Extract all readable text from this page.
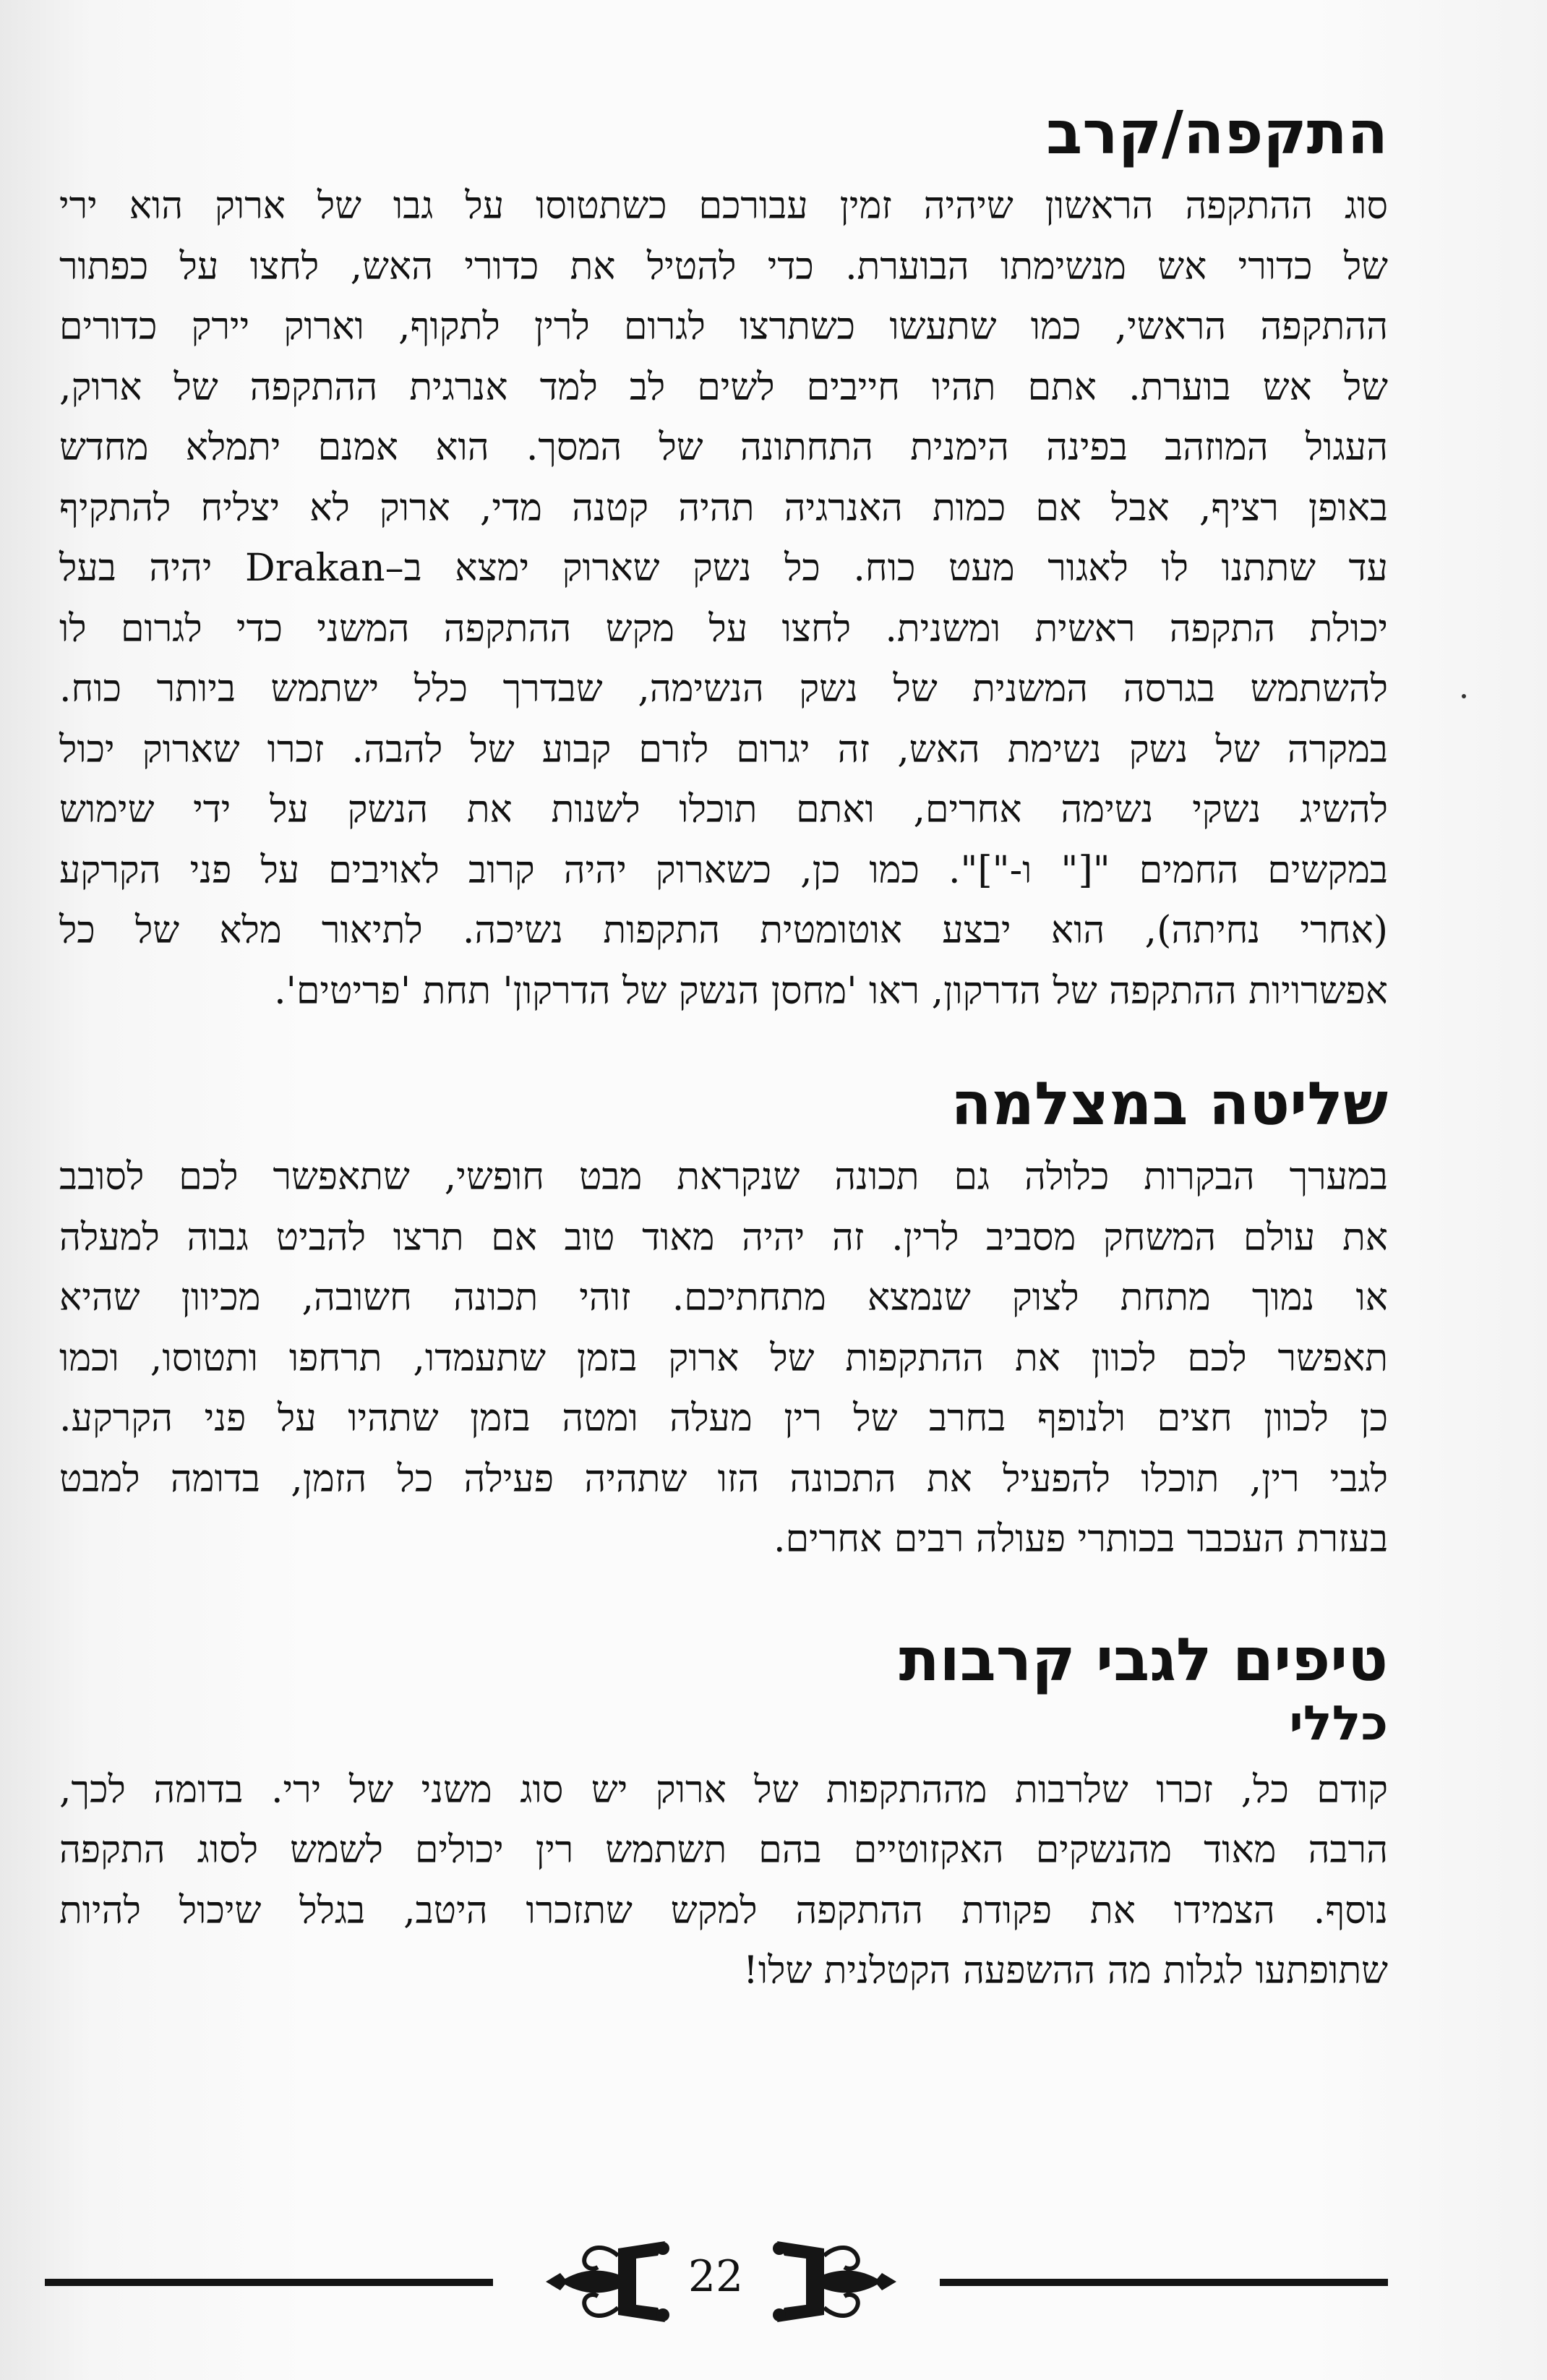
התקפה/קרב
סוג ההתקפה הראשון שיהיה זמין עבורכם כשתטוסו על גבו של ארוק הוא ירי
של כדורי אש מנשימתו הבוערת. כדי להטיל את כדורי האש, לחצו על כפתור
ההתקפה הראשי, כמו שתעשו כשתרצו לגרום לרין לתקוף, וארוק יירק כדורים
של אש בוערת. אתם תהיו חייבים לשים לב למד אנרגית ההתקפה של ארוק,
העגול המוזהב בפינה הימנית התחתונה של המסך. הוא אמנם יתמלא מחדש
באופן רציף, אבל אם כמות האנרגיה תהיה קטנה מדי, ארוק לא יצליח להתקיף
עד שתתנו לו לאגור מעט כוח. כל נשק שארוק ימצא ב–Drakan יהיה בעל
יכולת התקפה ראשית ומשנית. לחצו על מקש ההתקפה המשני כדי לגרום לו
להשתמש בגרסה המשנית של נשק הנשימה, שבדרך כלל ישתמש ביותר כוח.
במקרה של נשק נשימת האש, זה יגרום לזרם קבוע של להבה. זכרו שארוק יכול
להשיג נשקי נשימה אחרים, ואתם תוכלו לשנות את הנשק על ידי שימוש
במקשים החמים "[" ו-"]". כמו כן, כשארוק יהיה קרוב לאויבים על פני הקרקע
(אחרי נחיתה), הוא יבצע אוטומטית התקפות נשיכה. לתיאור מלא של כל
אפשרויות ההתקפה של הדרקון, ראו 'מחסן הנשק של הדרקון' תחת 'פריטים'.
שליטה במצלמה
במערך הבקרות כלולה גם תכונה שנקראת מבט חופשי, שתאפשר לכם לסובב
את עולם המשחק מסביב לרין. זה יהיה מאוד טוב אם תרצו להביט גבוה למעלה
או נמוך מתחת לצוק שנמצא מתחתיכם. זוהי תכונה חשובה, מכיוון שהיא
תאפשר לכם לכוון את ההתקפות של ארוק בזמן שתעמדו, תרחפו ותטוסו, וכמו
כן לכוון חצים ולנופף בחרב של רין מעלה ומטה בזמן שתהיו על פני הקרקע.
לגבי רין, תוכלו להפעיל את התכונה הזו שתהיה פעילה כל הזמן, בדומה למבט
בעזרת העכבר בכותרי פעולה רבים אחרים.
טיפים לגבי קרבות
כללי
קודם כל, זכרו שלרבות מההתקפות של ארוק יש סוג משני של ירי. בדומה לכך,
הרבה מאוד מהנשקים האקזוטיים בהם תשתמש רין יכולים לשמש לסוג התקפה
נוסף. הצמידו את פקודת ההתקפה למקש שתזכרו היטב, בגלל שיכול להיות
שתופתעו לגלות מה ההשפעה הקטלנית שלו!
22
